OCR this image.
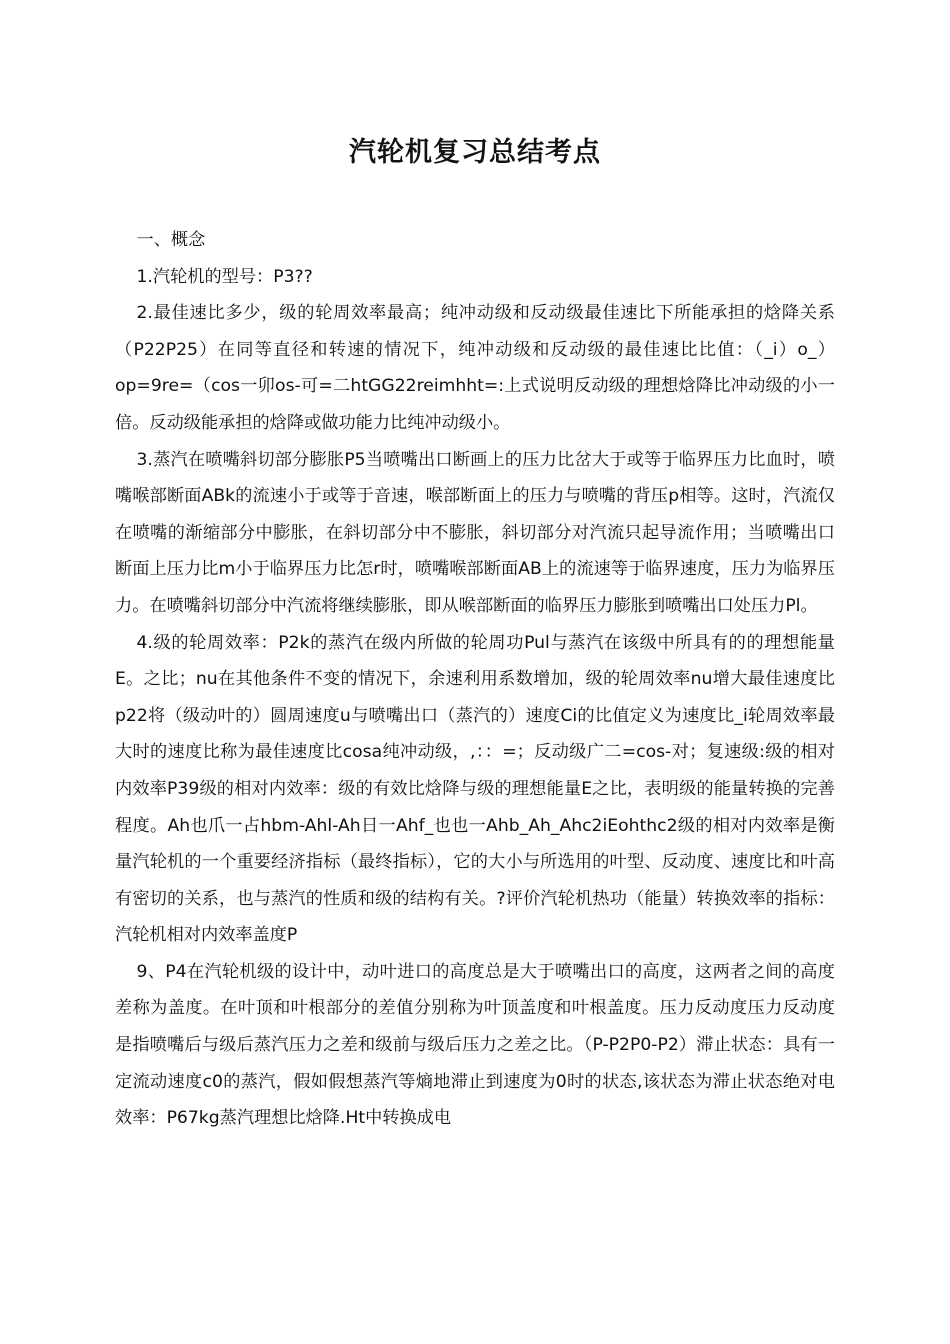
汽轮机复习总结考点

一、概念

1.汽轮机的型号：P3??

2.最佳速比多少，级的轮周效率最高；纯冲动级和反动级最佳速比下所能承担的焓降关系（P22P25）在同等直径和转速的情况下，纯冲动级和反动级的最佳速比比值：（_i）o_）op=9re=（cos一卯os-可=二htGG22reimhht=:上式说明反动级的理想焓降比冲动级的小一倍。反动级能承担的焓降或做功能力比纯冲动级小。

3.蒸汽在喷嘴斜切部分膨胀P5当喷嘴出口断画上的压力比岔大于或等于临界压力比血时，喷嘴喉部断面ABk的流速小于或等于音速，喉部断面上的压力与喷嘴的背压p相等。这时，汽流仅在喷嘴的渐缩部分中膨胀，在斜切部分中不膨胀，斜切部分对汽流只起导流作用；当喷嘴出口断面上压力比m小于临界压力比怎r时，喷嘴喉部断面AB上的流速等于临界速度，压力为临界压力。在喷嘴斜切部分中汽流将继续膨胀，即从喉部断面的临界压力膨胀到喷嘴出口处压力Pl。

4.级的轮周效率：P2k的蒸汽在级内所做的轮周功Pul与蒸汽在该级中所具有的的理想能量E。之比；nu在其他条件不变的情况下，余速利用系数增加，级的轮周效率nu增大最佳速度比p22将（级动叶的）圆周速度u与喷嘴出口（蒸汽的）速度Ci的比值定义为速度比_i轮周效率最大时的速度比称为最佳速度比cosa纯冲动级，,：：=；反动级广二=cos-对；复速级:级的相对内效率P39级的相对内效率：级的有效比焓降与级的理想能量E之比，表明级的能量转换的完善程度。Ah也爪一占hbm-Ahl-Ah日一Ahf_也也一Ahb_Ah_Ahc2iEohthc2级的相对内效率是衡量汽轮机的一个重要经济指标（最终指标），它的大小与所选用的叶型、反动度、速度比和叶高有密切的关系，也与蒸汽的性质和级的结构有关。?评价汽轮机热功（能量）转换效率的指标：汽轮机相对内效率盖度P

9、P4在汽轮机级的设计中，动叶进口的高度总是大于喷嘴出口的高度，这两者之间的高度差称为盖度。在叶顶和叶根部分的差值分别称为叶顶盖度和叶根盖度。压力反动度压力反动度是指喷嘴后与级后蒸汽压力之差和级前与级后压力之差之比。（P-P2P0-P2）滞止状态：具有一定流动速度c0的蒸汽，假如假想蒸汽等熵地滞止到速度为0时的状态,该状态为滞止状态绝对电效率：P67kg蒸汽理想比焓降.Ht中转换成电
